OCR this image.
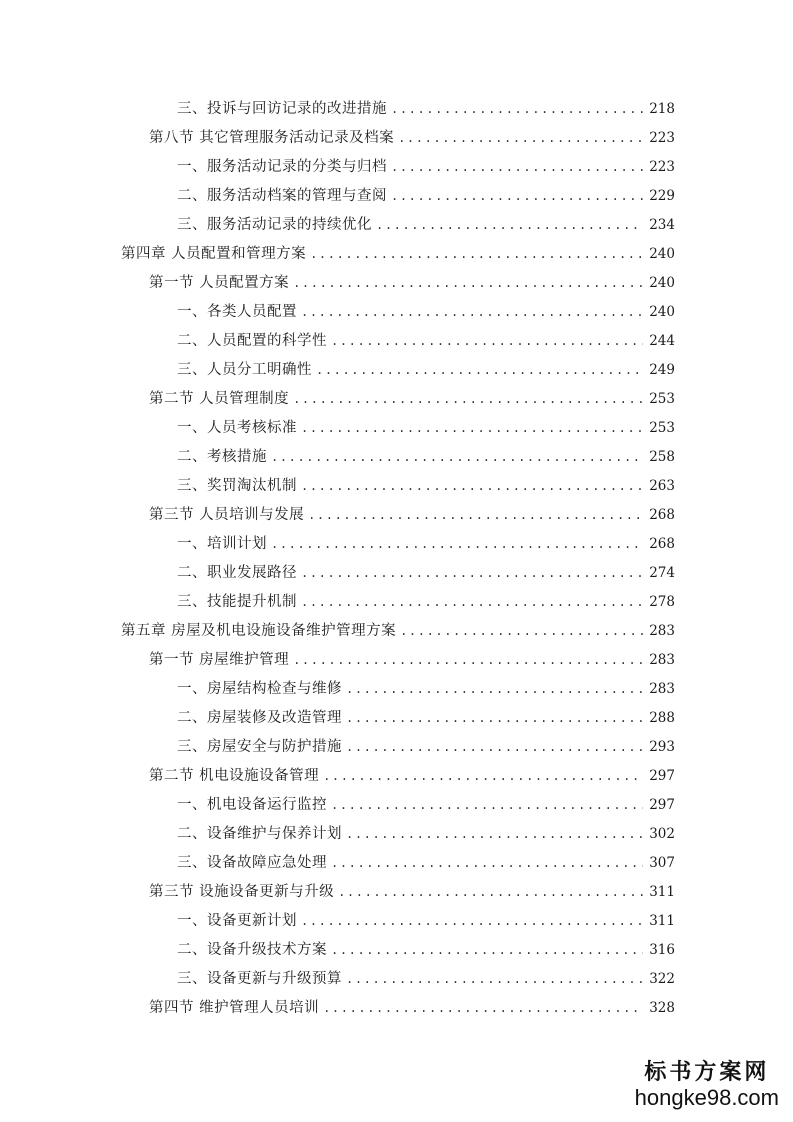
三、投诉与回访记录的改进措施 .....	218
第八节 其它管理服务活动记录及档案 .....	223
一、服务活动记录的分类与归档 .....	223
二、服务活动档案的管理与查阅 .....	229
三、服务活动记录的持续优化 .....	234
第四章 人员配置和管理方案 .....	240
第一节 人员配置方案 .....	240
一、各类人员配置 .....	240
二、人员配置的科学性 .....	244
三、人员分工明确性 .....	249
第二节 人员管理制度 .....	253
一、人员考核标准 .....	253
二、考核措施 .....	258
三、奖罚淘汰机制 .....	263
第三节 人员培训与发展 .....	268
一、培训计划 .....	268
二、职业发展路径 .....	274
三、技能提升机制 .....	278
第五章 房屋及机电设施设备维护管理方案 .....	283
第一节 房屋维护管理 .....	283
一、房屋结构检查与维修 .....	283
二、房屋装修及改造管理 .....	288
三、房屋安全与防护措施 .....	293
第二节 机电设施设备管理 .....	297
一、机电设备运行监控 .....	297
二、设备维护与保养计划 .....	302
三、设备故障应急处理 .....	307
第三节 设施设备更新与升级 .....	311
一、设备更新计划 .....	311
二、设备升级技术方案 .....	316
三、设备更新与升级预算 .....	322
第四节 维护管理人员培训 .....	328
标书方案网
hongke98.com
